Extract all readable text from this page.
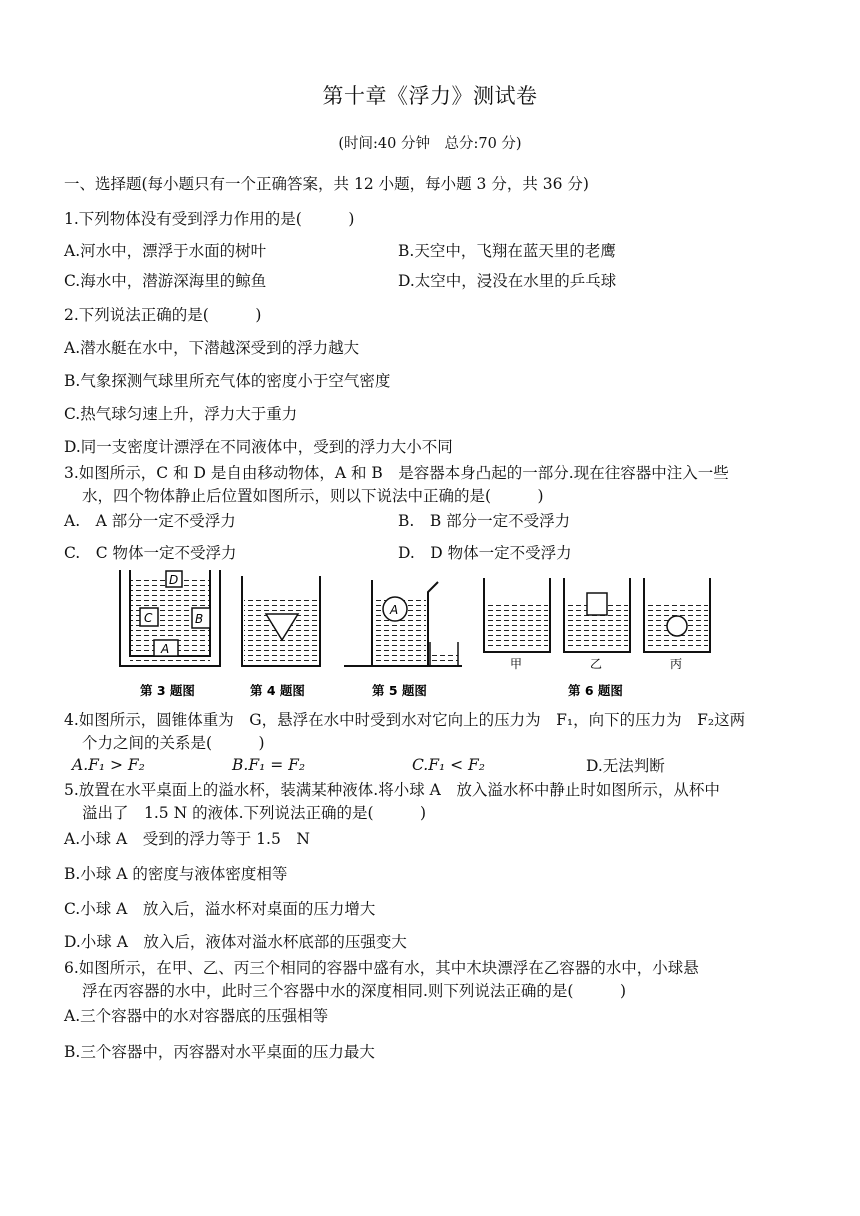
第十章《浮力》测试卷
(时间:40 分钟　总分:70 分)
一、选择题(每小题只有一个正确答案，共 12 小题，每小题 3 分，共 36 分)
1.下列物体没有受到浮力作用的是(　　　)
A.河水中，漂浮于水面的树叶	B.天空中，飞翔在蓝天里的老鹰
C.海水中，潜游深海里的鲸鱼	D.太空中，浸没在水里的乒乓球
2.下列说法正确的是(　　　)
A.潜水艇在水中，下潜越深受到的浮力越大
B.气象探测气球里所充气体的密度小于空气密度
C.热气球匀速上升，浮力大于重力
D.同一支密度计漂浮在不同液体中，受到的浮力大小不同
3.如图所示，C 和 D 是自由移动物体，A 和 B　是容器本身凸起的一部分.现在往容器中注入一些
水，四个物体静止后位置如图所示，则以下说法中正确的是(　　　)
A.　A 部分一定不受浮力	B.　B 部分一定不受浮力
C.　C 物体一定不受浮力	D.　D 物体一定不受浮力
D
C	B
A
A
甲	乙	丙
第 3 题图	第 4 题图	第 5 题图	第 6 题图
4.如图所示，圆锥体重为　G，悬浮在水中时受到水对它向上的压力为　F₁，向下的压力为　F₂这两
个力之间的关系是(　　　)
A.F₁ > F₂	B.F₁ = F₂	C.F₁ < F₂	D.无法判断
5.放置在水平桌面上的溢水杯，装满某种液体.将小球 A　放入溢水杯中静止时如图所示，从杯中
溢出了　1.5 N 的液体.下列说法正确的是(　　　)
A.小球 A　受到的浮力等于 1.5　N
B.小球 A 的密度与液体密度相等
C.小球 A　放入后，溢水杯对桌面的压力增大
D.小球 A　放入后，液体对溢水杯底部的压强变大
6.如图所示，在甲、乙、丙三个相同的容器中盛有水，其中木块漂浮在乙容器的水中，小球悬
浮在丙容器的水中，此时三个容器中水的深度相同.则下列说法正确的是(　　　)
A.三个容器中的水对容器底的压强相等
B.三个容器中，丙容器对水平桌面的压力最大
